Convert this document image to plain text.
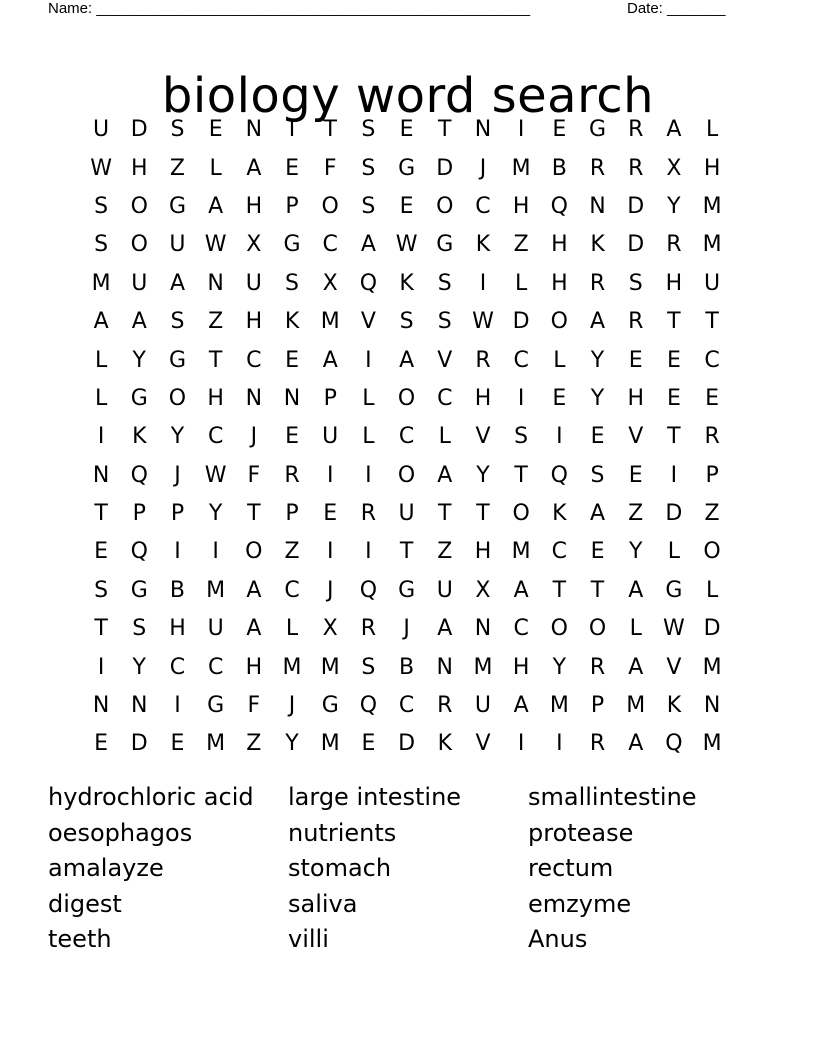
Name: ____________________________________________________	Date: _______
biology word search
U D	S	E	N	I	T	S	E	T	N	I	E	G	R	A	L
W H	Z	L	A	E	F	S	G D	J	M B	R	R	X	H
S	O G	A	H	P	O	S	E	O C	H Q N D	Y M
S	O U W X	G C	A W G	K	Z	H	K	D	R M
M U	A	N U	S	X Q	K	S	I	L	H	R	S	H U
A	A	S	Z	H	K M V	S	S W D O	A	R	T	T
L	Y	G	T	C	E	A	I	A	V	R	C	L	Y	E	E	C
L	G O H N N	P	L	O C	H	I	E	Y	H	E	E
I	K	Y	C	J	E	U	L	C	L	V	S	I	E	V	T	R
N Q	J	W F	R	I	I	O	A	Y	T	Q	S	E	I	P
T	P	P	Y	T	P	E	R	U	T	T	O	K	A	Z	D	Z
E	Q	I	I	O Z	I	I	T	Z	H M C	E	Y	L	O
S	G	B M A	C	J	Q G U	X	A	T	T	A	G	L
T	S	H U	A	L	X	R	J	A	N	C O O	L W D
I	Y	C	C	H M M S	B	N M H	Y	R	A	V M
N N	I	G	F	J	G Q C	R	U	A M	P	M K	N
E	D	E M Z	Y M E	D	K	V	I	I	R	A Q M
hydrochloric acid	large intestine	smallintestine
oesophagos	nutrients	protease
amalayze	stomach	rectum
digest	saliva	emzyme
teeth	villi	Anus
